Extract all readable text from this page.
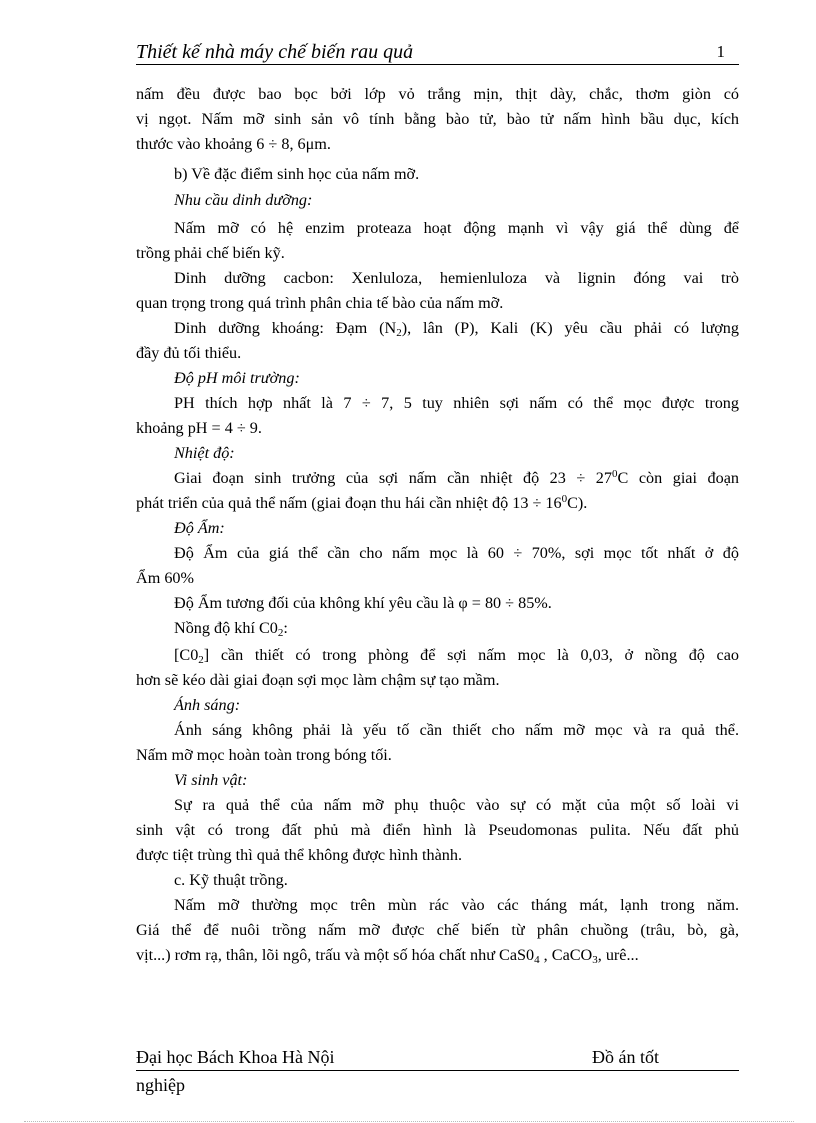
Thiết kế nhà máy chế biến rau quả	1
nấm đều được bao bọc bởi lớp vỏ trắng mịn, thịt dày, chắc, thơm giòn có
vị ngọt. Nấm mỡ sinh sản vô tính bằng bào tử, bào tử nấm hình bầu dục, kích
thước vào khoảng 6 ÷ 8, 6μm.
b) Về đặc điểm sinh học của nấm mỡ.
Nhu cầu dinh dưỡng:
Nấm mỡ có hệ enzim proteaza hoạt động mạnh vì vậy giá thể dùng để
trồng phải chế biến kỹ.
Dinh dưỡng cacbon: Xenluloza, hemienluloza và lignin đóng vai trò
quan trọng trong quá trình phân chia tế bào của nấm mỡ.
Dinh dưỡng khoáng: Đạm $(N_2)$, lân (P), Kali (K) yêu cầu phải có lượng
đầy đủ tối thiểu.
Độ pH môi trường:
PH thích hợp nhất là 7 ÷ 7, 5 tuy nhiên sợi nấm có thể mọc được trong
khoảng pH = 4 ÷ 9.
Nhiệt độ:
Giai đoạn sinh trưởng của sợi nấm cần nhiệt độ $23 \div 27^0C$ còn giai đoạn
phát triển của quả thể nấm (giai đoạn thu hái cần nhiệt độ $13 \div 16^0C$).
Độ Ẩm:
Độ Ẩm của giá thể cần cho nấm mọc là 60 ÷ 70%, sợi mọc tốt nhất ở độ
Ẩm 60%
Độ Ẩm tương đối của không khí yêu cầu là φ = 80 ÷ 85%.
Nồng độ khí $C0_2$:
$[C0_2]$ cần thiết có trong phòng để sợi nấm mọc là 0,03, ở nồng độ cao
hơn sẽ kéo dài giai đoạn sợi mọc làm chậm sự tạo mầm.
Ánh sáng:
Ánh sáng không phải là yếu tố cần thiết cho nấm mỡ mọc và ra quả thể.
Nấm mỡ mọc hoàn toàn trong bóng tối.
Vi sinh vật:
Sự ra quả thể của nấm mỡ phụ thuộc vào sự có mặt của một số loài vi
sinh vật có trong đất phủ mà điển hình là Pseudomonas pulita. Nếu đất phủ
được tiệt trùng thì quả thể không được hình thành.
c. Kỹ thuật trồng.
Nấm mỡ thường mọc trên mùn rác vào các tháng mát, lạnh trong năm.
Giá thể để nuôi trồng nấm mỡ được chế biến từ phân chuồng (trâu, bò, gà,
vịt...) rơm rạ, thân, lõi ngô, trấu và một số hóa chất như $CaS0_4$ , CaCO$_3$, urê...
Đại học Bách Khoa Hà Nội	Đồ án tốt
nghiệp
